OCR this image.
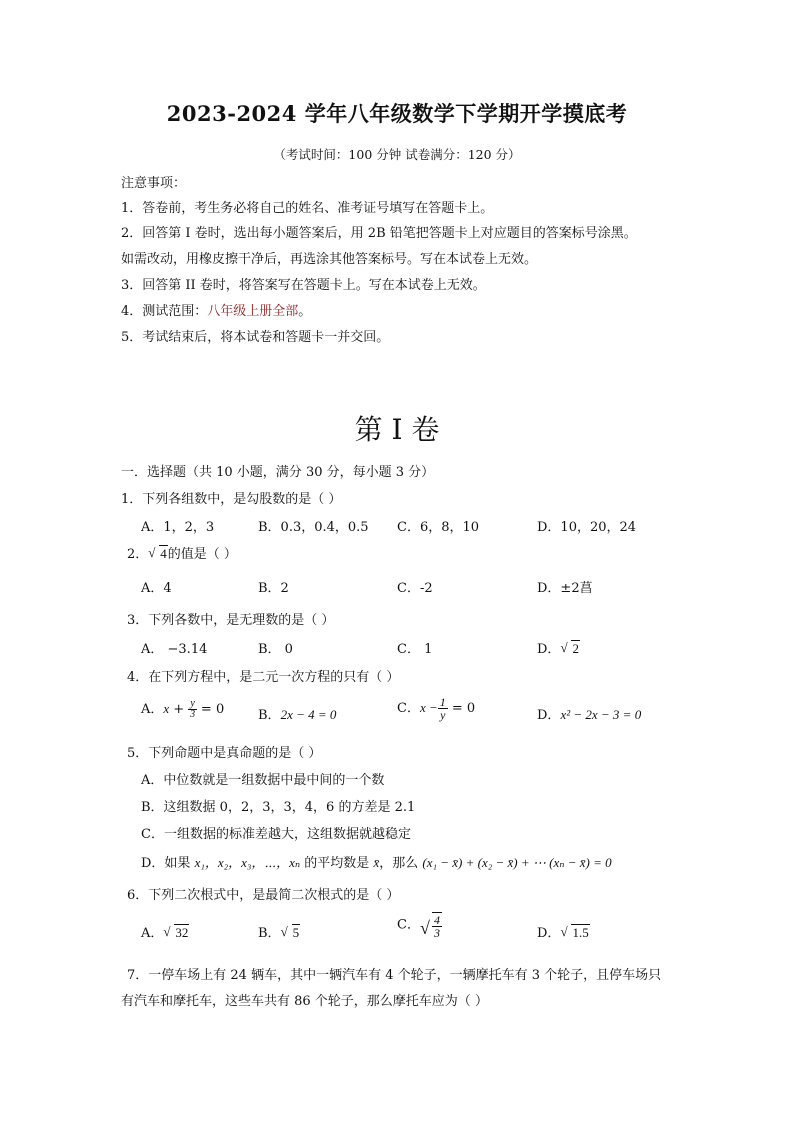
2023-2024 学年八年级数学下学期开学摸底考
（考试时间：100 分钟 试卷满分：120 分）
注意事项：
1．答卷前，考生务必将自己的姓名、准考证号填写在答题卡上。
2．回答第 I 卷时，选出每小题答案后，用 2B 铅笔把答题卡上对应题目的答案标号涂黑。
如需改动，用橡皮擦干净后，再选涂其他答案标号。写在本试卷上无效。
3．回答第 II 卷时，将答案写在答题卡上。写在本试卷上无效。
4．测试范围：八年级上册全部。
5．考试结束后，将本试卷和答题卡一并交回。
第 I 卷
一．选择题（共 10 小题，满分 30 分，每小题 3 分）
1．下列各组数中，是勾股数的是（ ）
A．1，2，3	B．0.3，0.4，0.5 C．6，8，10	D．10，20，24
2． √ 4的值是（ ）
A．4	B．2	C．-2	D．±2菖
3．下列各数中，是无理数的是（ ）
A． −3.14	B． 0	C． 1	D． √ 2
4．在下列方程中，是二元一次方程的只有（ ）
A．$x + \frac{y}{3} = 0$	B．2x − 4 = 0	C．$x - \frac{1}{y} = 0$	D．x² − 2x − 3 = 0
5．下列命题中是真命题的是（ ）
A．中位数就是一组数据中最中间的一个数
B．这组数据 0，2，3，3，4，6 的方差是 2.1
C．一组数据的标准差越大，这组数据就越稳定
D．如果 x₁，x₂，x₃，⋯，xₙ 的平均数是 x̄，那么 (x₁ − x̄) + (x₂ − x̄) + ⋯ (xₙ − x̄) = 0
6．下列二次根式中，是最简二次根式的是（ ）
A． √ 32	B． √ 5
C． √ $\frac{4}{3}$	D． √ 1.5
7．一停车场上有 24 辆车，其中一辆汽车有 4 个轮子，一辆摩托车有 3 个轮子，且停车场只
有汽车和摩托车，这些车共有 86 个轮子，那么摩托车应为（ ）
